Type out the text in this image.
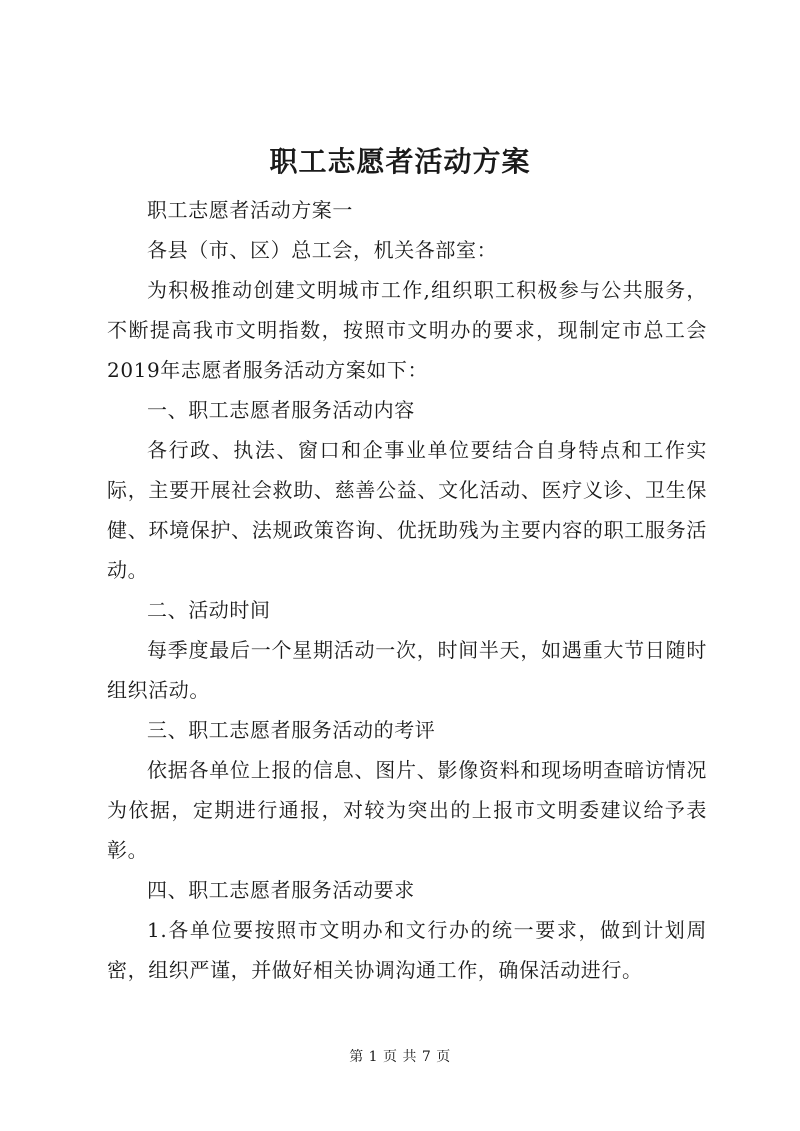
职工志愿者活动方案

职工志愿者活动方案一

各县（市、区）总工会，机关各部室：

为积极推动创建文明城市工作,组织职工积极参与公共服务，不断提高我市文明指数，按照市文明办的要求，现制定市总工会2019年志愿者服务活动方案如下：

一、职工志愿者服务活动内容

各行政、执法、窗口和企事业单位要结合自身特点和工作实际，主要开展社会救助、慈善公益、文化活动、医疗义诊、卫生保健、环境保护、法规政策咨询、优抚助残为主要内容的职工服务活动。

二、活动时间

每季度最后一个星期活动一次，时间半天，如遇重大节日随时组织活动。

三、职工志愿者服务活动的考评

依据各单位上报的信息、图片、影像资料和现场明查暗访情况为依据，定期进行通报，对较为突出的上报市文明委建议给予表彰。

四、职工志愿者服务活动要求

1.各单位要按照市文明办和文行办的统一要求，做到计划周密，组织严谨，并做好相关协调沟通工作，确保活动进行。

第 1 页 共 7 页
